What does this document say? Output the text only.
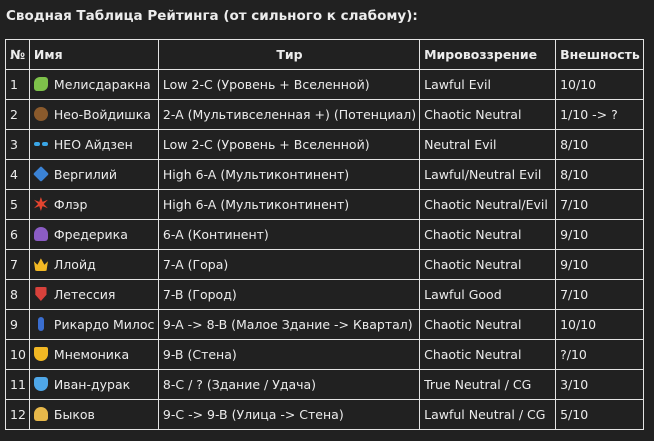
Сводная Таблица Рейтинга (от сильного к слабому):
№	Имя	Тир	Мировоззрение	Внешность
1	Мелисдаракна	Low 2-C (Уровень + Вселенной)	Lawful Evil	10/10
2	Нео-Войдишка	2-A (Мультивселенная +) (Потенциал)	Chaotic Neutral	1/10 -> ?
3	НЕО Айдзен	Low 2-C (Уровень + Вселенной)	Neutral Evil	8/10
4	Вергилий	High 6-A (Мультиконтинент)	Lawful/Neutral Evil	8/10
5	Флэр	High 6-A (Мультиконтинент)	Chaotic Neutral/Evil	7/10
6	Фредерика	6-A (Континент)	Chaotic Neutral	9/10
7	Ллойд	7-A (Гора)	Chaotic Neutral	9/10
8	Летессия	7-B (Город)	Lawful Good	7/10
9	Рикардо Милос	9-A -> 8-B (Малое Здание -> Квартал)	Chaotic Neutral	10/10
10	Мнемоника	9-B (Стена)	Chaotic Neutral	?/10
11	Иван-дурак	8-C / ? (Здание / Удача)	True Neutral / CG	3/10
12	Быков	9-C -> 9-B (Улица -> Стена)	Lawful Neutral / CG	5/10
